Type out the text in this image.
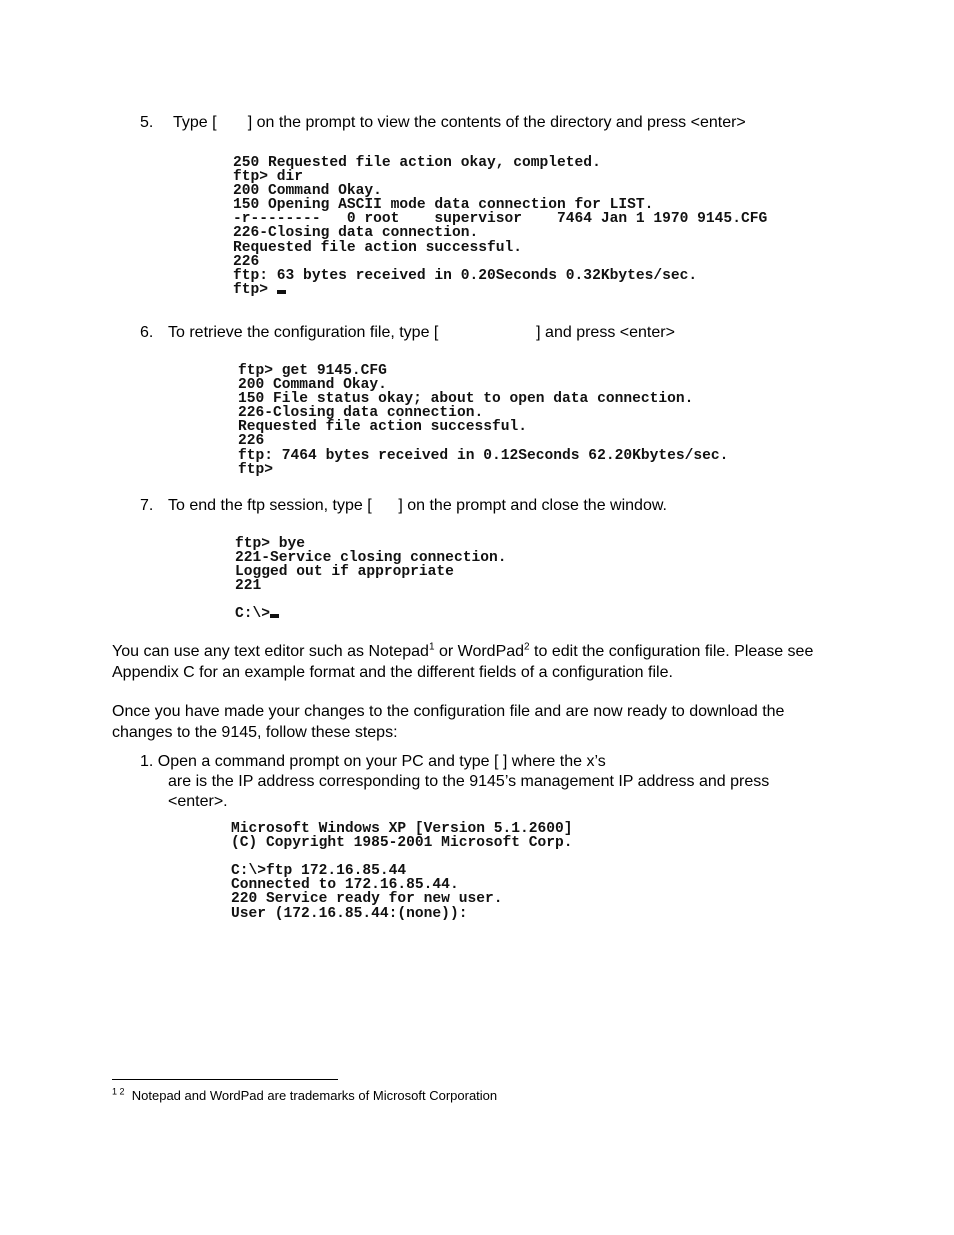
5. Type [       ] on the prompt to view the contents of the directory and press <enter>
250 Requested file action okay, completed.
ftp> dir
200 Command Okay.
150 Opening ASCII mode data connection for LIST.
-r--------   0 root    supervisor    7464 Jan 1 1970 9145.CFG
226-Closing data connection.
Requested file action successful.
226
ftp: 63 bytes received in 0.20Seconds 0.32Kbytes/sec.
ftp>
6. To retrieve the configuration file, type [                      ] and press <enter>
ftp> get 9145.CFG
200 Command Okay.
150 File status okay; about to open data connection.
226-Closing data connection.
Requested file action successful.
226
ftp: 7464 bytes received in 0.12Seconds 62.20Kbytes/sec.
ftp>
7. To end the ftp session, type [      ] on the prompt and close the window.
ftp> bye
221-Service closing connection.
Logged out if appropriate
221

C:\>
You can use any text editor such as Notepad$^1$ or WordPad$^2$ to edit the configuration file. Please see Appendix C for an example format and the different fields of a configuration file.
Once you have made your changes to the configuration file and are now ready to download the changes to the 9145, follow these steps:
1. Open a command prompt on your PC and type [ ] where the x’s
are is the IP address corresponding to the 9145’s management IP address and press
<enter>.
Microsoft Windows XP [Version 5.1.2600]
(C) Copyright 1985-2001 Microsoft Corp.

C:\>ftp 172.16.85.44
Connected to 172.16.85.44.
220 Service ready for new user.
User (172.16.85.44:(none)):
$^{1 2}$ Notepad and WordPad are trademarks of Microsoft Corporation
